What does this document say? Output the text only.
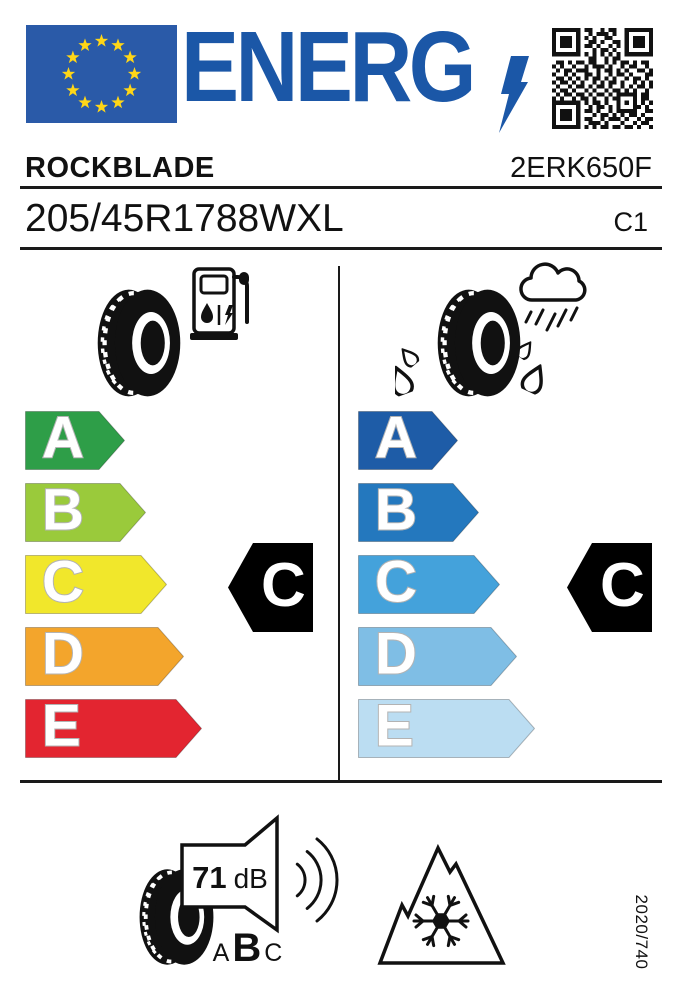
ENERG
ROCKBLADE	2ERK650F
205/45R1788WXL	C1
A
B
C
D
E
A
B
C
D
E
C	C
71 dB
A B C	2020/740
